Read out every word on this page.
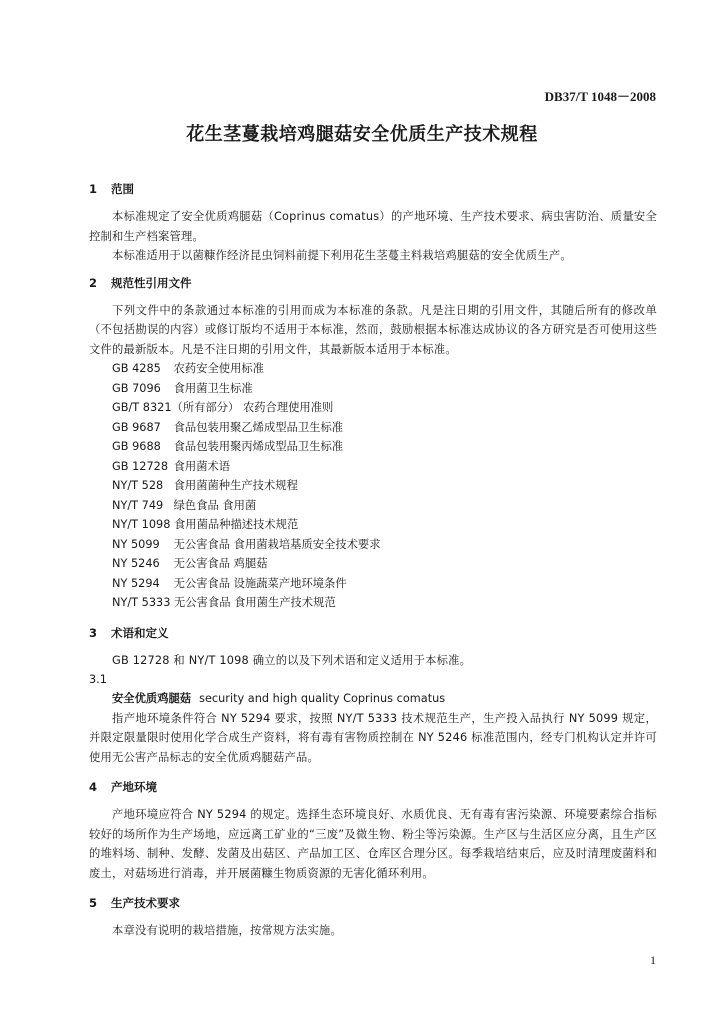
DB37/T 1048－2008
花生茎蔓栽培鸡腿菇安全优质生产技术规程
1 范围

本标准规定了安全优质鸡腿菇（Coprinus comatus）的产地环境、生产技术要求、病虫害防治、质量安全控制和生产档案管理。

本标准适用于以菌糠作经济昆虫饲料前提下利用花生茎蔓主料栽培鸡腿菇的安全优质生产。

2 规范性引用文件

下列文件中的条款通过本标准的引用而成为本标准的条款。凡是注日期的引用文件，其随后所有的修改单（不包括勘误的内容）或修订版均不适用于本标准，然而，鼓励根据本标准达成协议的各方研究是否可使用这些文件的最新版本。凡是不注日期的引用文件，其最新版本适用于本标准。

GB 4285 农药安全使用标准
GB 7096 食用菌卫生标准
GB/T 8321（所有部分） 农药合理使用准则
GB 9687 食品包装用聚乙烯成型品卫生标准
GB 9688 食品包装用聚丙烯成型品卫生标准
GB 12728 食用菌术语
NY/T 528 食用菌菌种生产技术规程
NY/T 749 绿色食品 食用菌
NY/T 1098 食用菌品种描述技术规范
NY 5099 无公害食品 食用菌栽培基质安全技术要求
NY 5246 无公害食品 鸡腿菇
NY 5294 无公害食品 设施蔬菜产地环境条件
NY/T 5333 无公害食品 食用菌生产技术规范
3 术语和定义

GB 12728 和 NY/T 1098 确立的以及下列术语和定义适用于本标准。

3.1
安全优质鸡腿菇 security and high quality Coprinus comatus

指产地环境条件符合 NY 5294 要求，按照 NY/T 5333 技术规范生产，生产投入品执行 NY 5099 规定，并限定限量限时使用化学合成生产资料，将有毒有害物质控制在 NY 5246 标准范围内，经专门机构认定并许可使用无公害产品标志的安全优质鸡腿菇产品。

4 产地环境

产地环境应符合 NY 5294 的规定。选择生态环境良好、水质优良、无有毒有害污染源、环境要素综合指标较好的场所作为生产场地，应远离工矿业的“三废”及微生物、粉尘等污染源。生产区与生活区应分离，且生产区的堆料场、制种、发酵、发菌及出菇区、产品加工区、仓库区合理分区。每季栽培结束后，应及时清理废菌料和废土，对菇场进行消毒，并开展菌糠生物质资源的无害化循环利用。

5 生产技术要求

本章没有说明的栽培措施，按常规方法实施。

1
